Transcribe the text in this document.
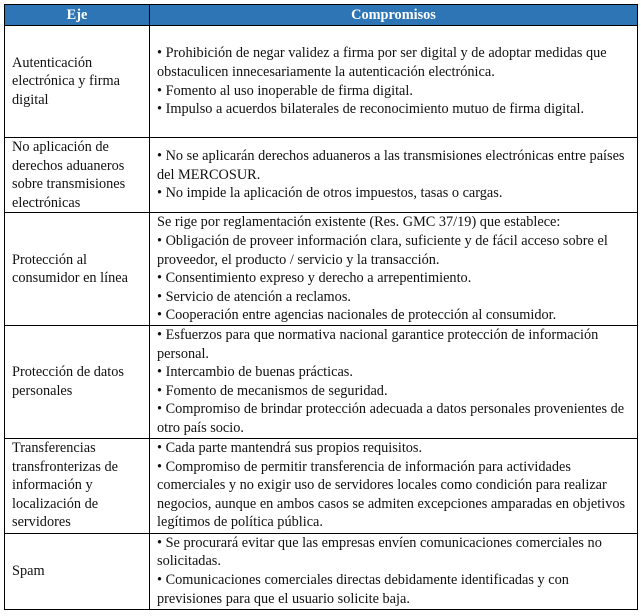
Eje	Compromisos
Autenticación electrónica y firma digital	• Prohibición de negar validez a firma por ser digital y de adoptar medidas que obstaculicen innecesariamente la autenticación electrónica.
• Fomento al uso inoperable de firma digital.
• Impulso a acuerdos bilaterales de reconocimiento mutuo de firma digital.

No aplicación de derechos aduaneros sobre transmisiones electrónicas	• No se aplicarán derechos aduaneros a las transmisiones electrónicas entre países del MERCOSUR.
• No impide la aplicación de otros impuestos, tasas o cargas.

Protección al consumidor en línea	Se rige por reglamentación existente (Res. GMC 37/19) que establece:
• Obligación de proveer información clara, suficiente y de fácil acceso sobre el proveedor, el producto / servicio y la transacción.
• Consentimiento expreso y derecho a arrepentimiento.
• Servicio de atención a reclamos.
• Cooperación entre agencias nacionales de protección al consumidor.

Protección de datos personales	• Esfuerzos para que normativa nacional garantice protección de información personal.
• Intercambio de buenas prácticas.
• Fomento de mecanismos de seguridad.
• Compromiso de brindar protección adecuada a datos personales provenientes de otro país socio.

Transferencias transfronterizas de información y localización de servidores	• Cada parte mantendrá sus propios requisitos.
• Compromiso de permitir transferencia de información para actividades comerciales y no exigir uso de servidores locales como condición para realizar negocios, aunque en ambos casos se admiten excepciones amparadas en objetivos legítimos de política pública.

Spam	• Se procurará evitar que las empresas envíen comunicaciones comerciales no solicitadas.
• Comunicaciones comerciales directas debidamente identificadas y con previsiones para que el usuario solicite baja.
